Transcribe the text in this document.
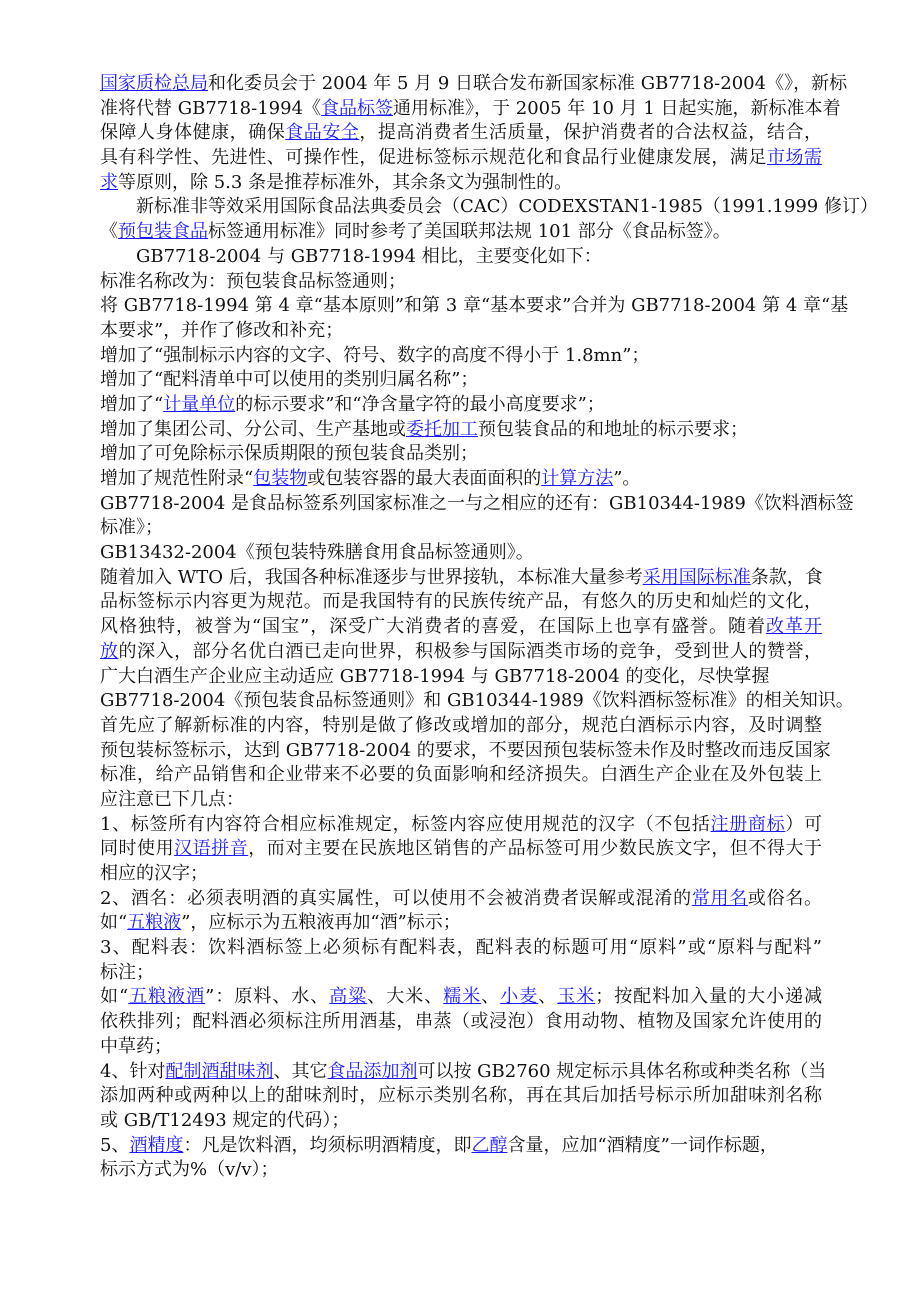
国家质检总局和化委员会于 2004 年 5 月 9 日联合发布新国家标准 GB7718-2004《》，新标
准将代替 GB7718-1994《食品标签通用标准》，于 2005 年 10 月 1 日起实施，新标准本着
保障人身体健康，确保食品安全，提高消费者生活质量，保护消费者的合法权益，结合，
具有科学性、先进性、可操作性，促进标签标示规范化和食品行业健康发展，满足市场需
求等原则，除 5.3 条是推荐标准外，其余条文为强制性的。
　　新标准非等效采用国际食品法典委员会（CAC）CODEXSTAN1-1985（1991.1999 修订）
《预包装食品标签通用标准》同时参考了美国联邦法规 101 部分《食品标签》。
　　GB7718-2004 与 GB7718-1994 相比，主要变化如下：
标准名称改为：预包装食品标签通则；
将 GB7718-1994 第 4 章“基本原则”和第 3 章“基本要求”合并为 GB7718-2004 第 4 章“基
本要求”，并作了修改和补充；
增加了“强制标示内容的文字、符号、数字的高度不得小于 1.8mn”；
增加了“配料清单中可以使用的类别归属名称”；
增加了“计量单位的标示要求”和“净含量字符的最小高度要求”；
增加了集团公司、分公司、生产基地或委托加工预包装食品的和地址的标示要求；
增加了可免除标示保质期限的预包装食品类别；
增加了规范性附录“包装物或包装容器的最大表面面积的计算方法”。
GB7718-2004 是食品标签系列国家标准之一与之相应的还有：GB10344-1989《饮料酒标签
标准》；
GB13432-2004《预包装特殊膳食用食品标签通则》。
随着加入 WTO 后，我国各种标准逐步与世界接轨，本标准大量参考采用国际标准条款，食
品标签标示内容更为规范。而是我国特有的民族传统产品，有悠久的历史和灿烂的文化，
风格独特，被誉为“国宝”，深受广大消费者的喜爱，在国际上也享有盛誉。随着改革开
放的深入，部分名优白酒已走向世界，积极参与国际酒类市场的竞争，受到世人的赞誉，
广大白酒生产企业应主动适应 GB7718-1994 与 GB7718-2004 的变化，尽快掌握
GB7718-2004《预包装食品标签通则》和 GB10344-1989《饮料酒标签标准》的相关知识。
首先应了解新标准的内容，特别是做了修改或增加的部分，规范白酒标示内容，及时调整
预包装标签标示，达到 GB7718-2004 的要求，不要因预包装标签未作及时整改而违反国家
标准，给产品销售和企业带来不必要的负面影响和经济损失。白酒生产企业在及外包装上
应注意已下几点：
1、标签所有内容符合相应标准规定，标签内容应使用规范的汉字（不包括注册商标）可
同时使用汉语拼音，而对主要在民族地区销售的产品标签可用少数民族文字，但不得大于
相应的汉字；
2、酒名：必须表明酒的真实属性，可以使用不会被消费者误解或混淆的常用名或俗名。
如“五粮液”，应标示为五粮液再加“酒”标示；
3、配料表：饮料酒标签上必须标有配料表，配料表的标题可用“原料”或“原料与配料”
标注；
如“五粮液酒”：原料、水、高粱、大米、糯米、小麦、玉米；按配料加入量的大小递减
依秩排列；配料酒必须标注所用酒基，串蒸（或浸泡）食用动物、植物及国家允许使用的
中草药；
4、针对配制酒甜味剂、其它食品添加剂可以按 GB2760 规定标示具体名称或种类名称（当
添加两种或两种以上的甜味剂时，应标示类别名称，再在其后加括号标示所加甜味剂名称
或 GB/T12493 规定的代码）；
5、酒精度：凡是饮料酒，均须标明酒精度，即乙醇含量，应加“酒精度”一词作标题，
标示方式为%（v/v）；
